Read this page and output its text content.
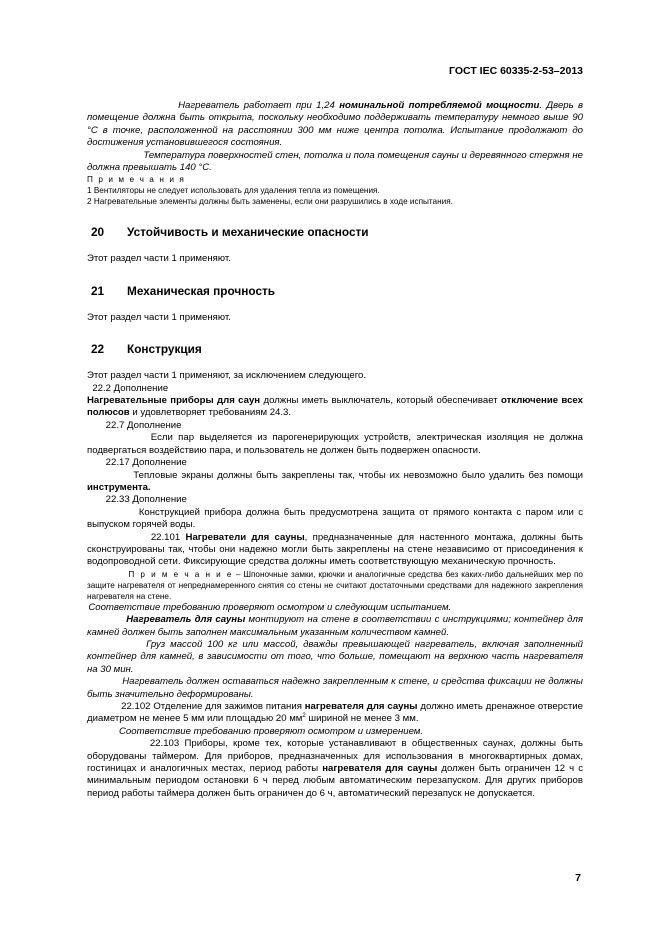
ГОСТ IEC 60335-2-53–2013

Нагреватель работает при 1,24 номинальной потребляемой мощности. Дверь в помещение должна быть открыта, поскольку необходимо поддерживать температуру немного выше 90 °С в точке, расположенной на расстоянии 300 мм ниже центра потолка. Испытание продолжают до достижения установившегося состояния.

Температура поверхностей стен, потолка и пола помещения сауны и деревянного стержня не должна превышать 140 °С.

П р и м е ч а н и я

1 Вентиляторы не следует использовать для удаления тепла из помещения.

2 Нагревательные элементы должны быть заменены, если они разрушились в ходе испытания.

20 Устойчивость и механические опасности

Этот раздел части 1 применяют.

21 Механическая прочность

Этот раздел части 1 применяют.

22 Конструкция

Этот раздел части 1 применяют, за исключением следующего.

22.2 Дополнение

Нагревательные приборы для саун должны иметь выключатель, который обеспечивает отключение всех полюсов и удовлетворяет требованиям 24.3.

22.7 Дополнение

Если пар выделяется из парогенерирующих устройств, электрическая изоляция не должна подвергаться воздействию пара, и пользователь не должен быть подвержен опасности.

22.17 Дополнение

Тепловые экраны должны быть закреплены так, чтобы их невозможно было удалить без помощи инструмента.

22.33 Дополнение

Конструкцией прибора должна быть предусмотрена защита от прямого контакта с паром или с выпуском горячей воды.

22.101 Нагреватели для сауны, предназначенные для настенного монтажа, должны быть сконструированы так, чтобы они надежно могли быть закреплены на стене независимо от присоединения к водопроводной сети. Фиксирующие средства должны иметь соответствующую механическую прочность.

П р и м е ч а н и е – Шпоночные замки, крючки и аналогичные средства без каких-либо дальнейших мер по защите нагревателя от непреднамеренного снятия со стены не считают достаточными средствами для надежного закрепления нагревателя на стене.

Соответствие требованию проверяют осмотром и следующим испытанием.

Нагреватель для сауны монтируют на стене в соответствии с инструкциями; контейнер для камней должен быть заполнен максимальным указанным количеством камней.

Груз массой 100 кг или массой, дважды превышающей нагреватель, включая заполненный контейнер для камней, в зависимости от того, что больше, помещают на верхнюю часть нагревателя на 30 мин.

Нагреватель должен оставаться надежно закрепленным к стене, и средства фиксации не должны быть значительно деформированы.

22.102 Отделение для зажимов питания нагревателя для сауны должно иметь дренажное отверстие диаметром не менее 5 мм или площадью 20 $мм^2$ шириной не менее 3 мм.

Соответствие требованию проверяют осмотром и измерением.

22.103 Приборы, кроме тех, которые устанавливают в общественных саунах, должны быть оборудованы таймером. Для приборов, предназначенных для использования в многоквартирных домах, гостиницах и аналогичных местах, период работы нагревателя для сауны должен быть ограничен 12 ч с минимальным периодом остановки 6 ч перед любым автоматическим перезапуском. Для других приборов период работы таймера должен быть ограничен до 6 ч, автоматический перезапуск не допускается.

7
